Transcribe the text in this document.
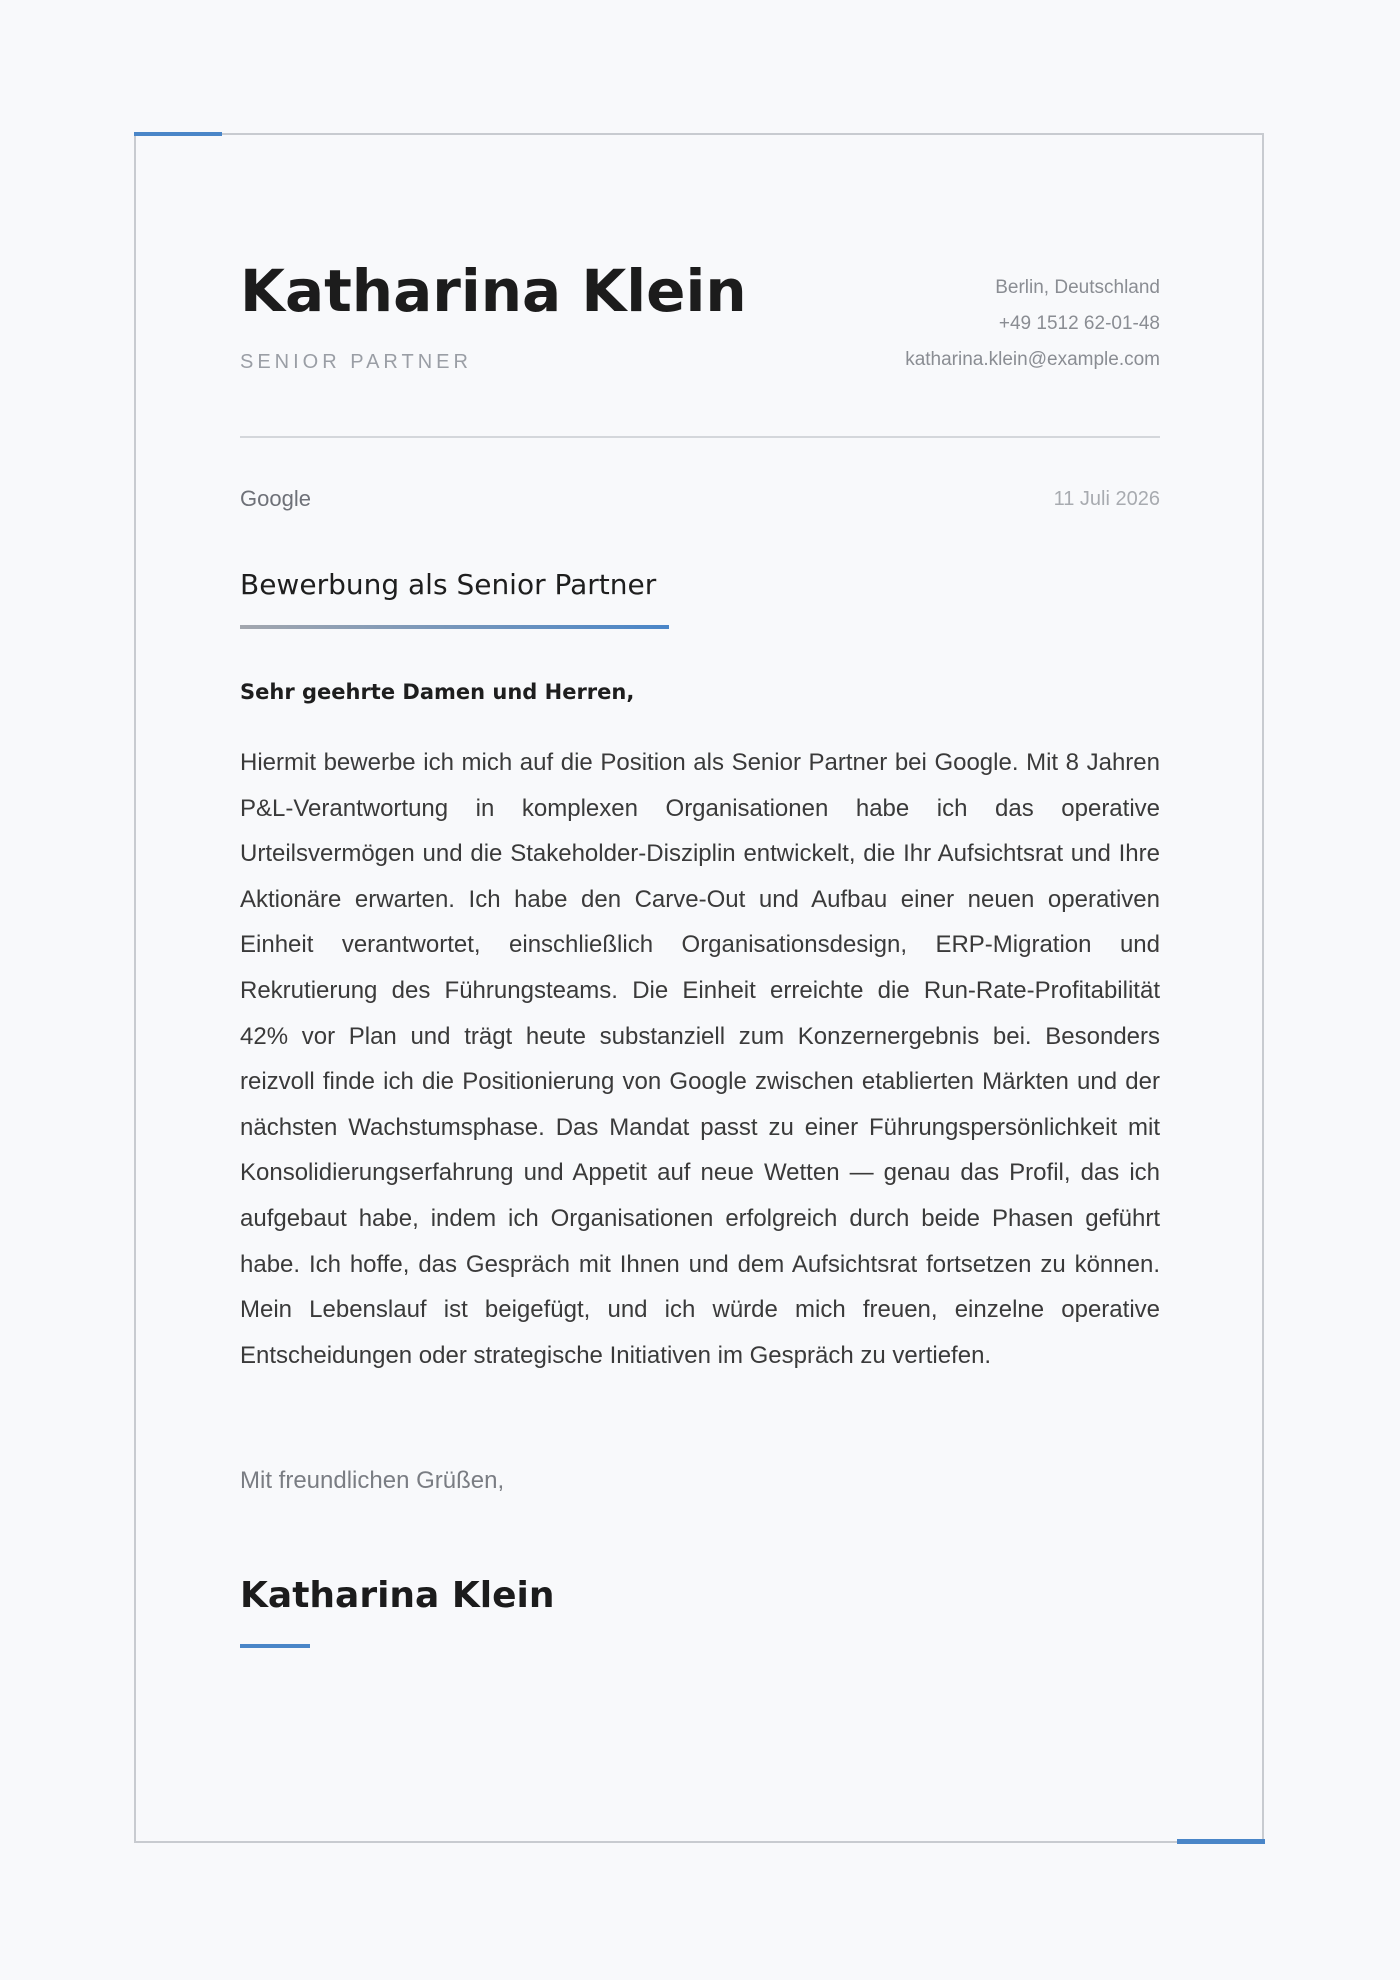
Katharina Klein
SENIOR PARTNER
Berlin, Deutschland
+49 1512 62-01-48
katharina.klein@example.com
Google	11 Juli 2026
Bewerbung als Senior Partner
Sehr geehrte Damen und Herren,

Hiermit bewerbe ich mich auf die Position als Senior Partner bei Google. Mit 8 Jahren P&L-Verantwortung in komplexen Organisationen habe ich das operative Urteilsvermögen und die Stakeholder-Disziplin entwickelt, die Ihr Aufsichtsrat und Ihre Aktionäre erwarten. Ich habe den Carve-Out und Aufbau einer neuen operativen Einheit verantwortet, einschließlich Organisationsdesign, ERP-Migration und Rekrutierung des Führungsteams. Die Einheit erreichte die Run-Rate-Profitabilität 42% vor Plan und trägt heute substanziell zum Konzernergebnis bei. Besonders reizvoll finde ich die Positionierung von Google zwischen etablierten Märkten und der nächsten Wachstumsphase. Das Mandat passt zu einer Führungspersönlichkeit mit Konsolidierungserfahrung und Appetit auf neue Wetten — genau das Profil, das ich aufgebaut habe, indem ich Organisationen erfolgreich durch beide Phasen geführt habe. Ich hoffe, das Gespräch mit Ihnen und dem Aufsichtsrat fortsetzen zu können. Mein Lebenslauf ist beigefügt, und ich würde mich freuen, einzelne operative Entscheidungen oder strategische Initiativen im Gespräch zu vertiefen.

Mit freundlichen Grüßen,
Katharina Klein
